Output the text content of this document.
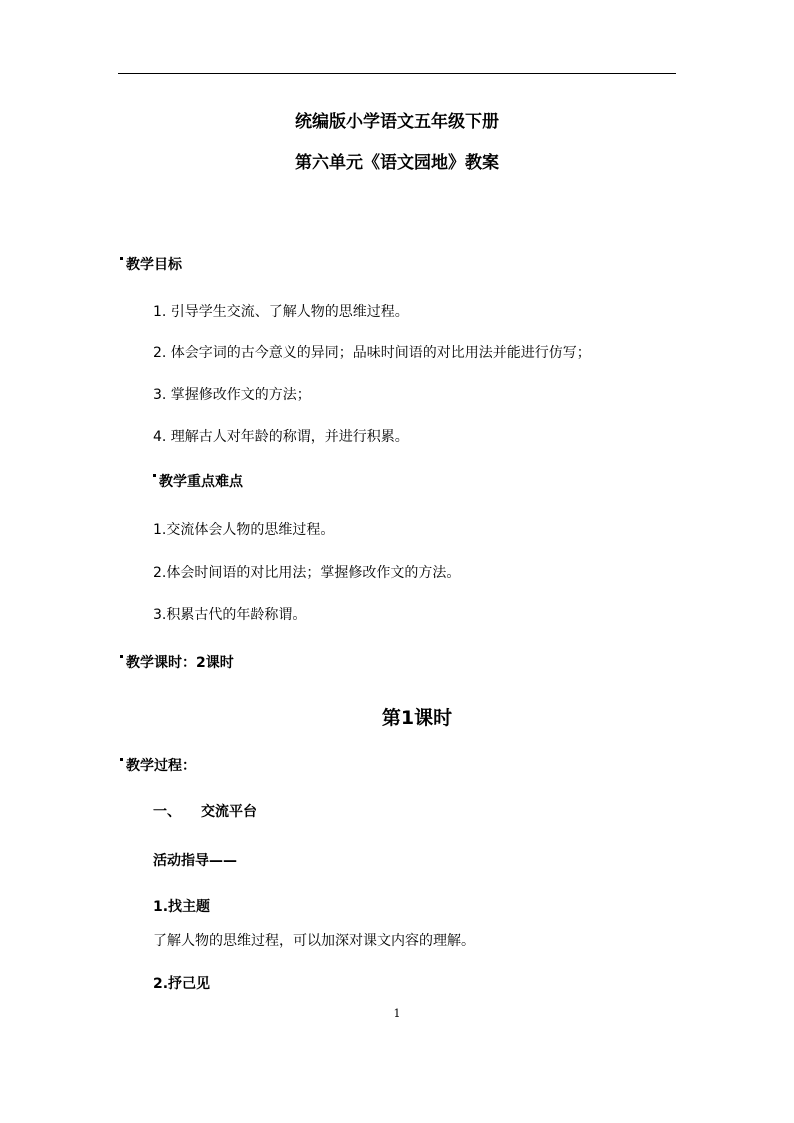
统编版小学语文五年级下册
第六单元《语文园地》教案
教学目标
1. 引导学生交流、了解人物的思维过程。
2. 体会字词的古今意义的异同；品味时间语的对比用法并能进行仿写；
3. 掌握修改作文的方法；
4. 理解古人对年龄的称谓，并进行积累。
教学重点难点
1.交流体会人物的思维过程。
2.体会时间语的对比用法；掌握修改作文的方法。
3.积累古代的年龄称谓。
教学课时：2课时
第1课时
教学过程：
一、 交流平台
活动指导——
1.找主题
了解人物的思维过程，可以加深对课文内容的理解。
2.抒己见
1
